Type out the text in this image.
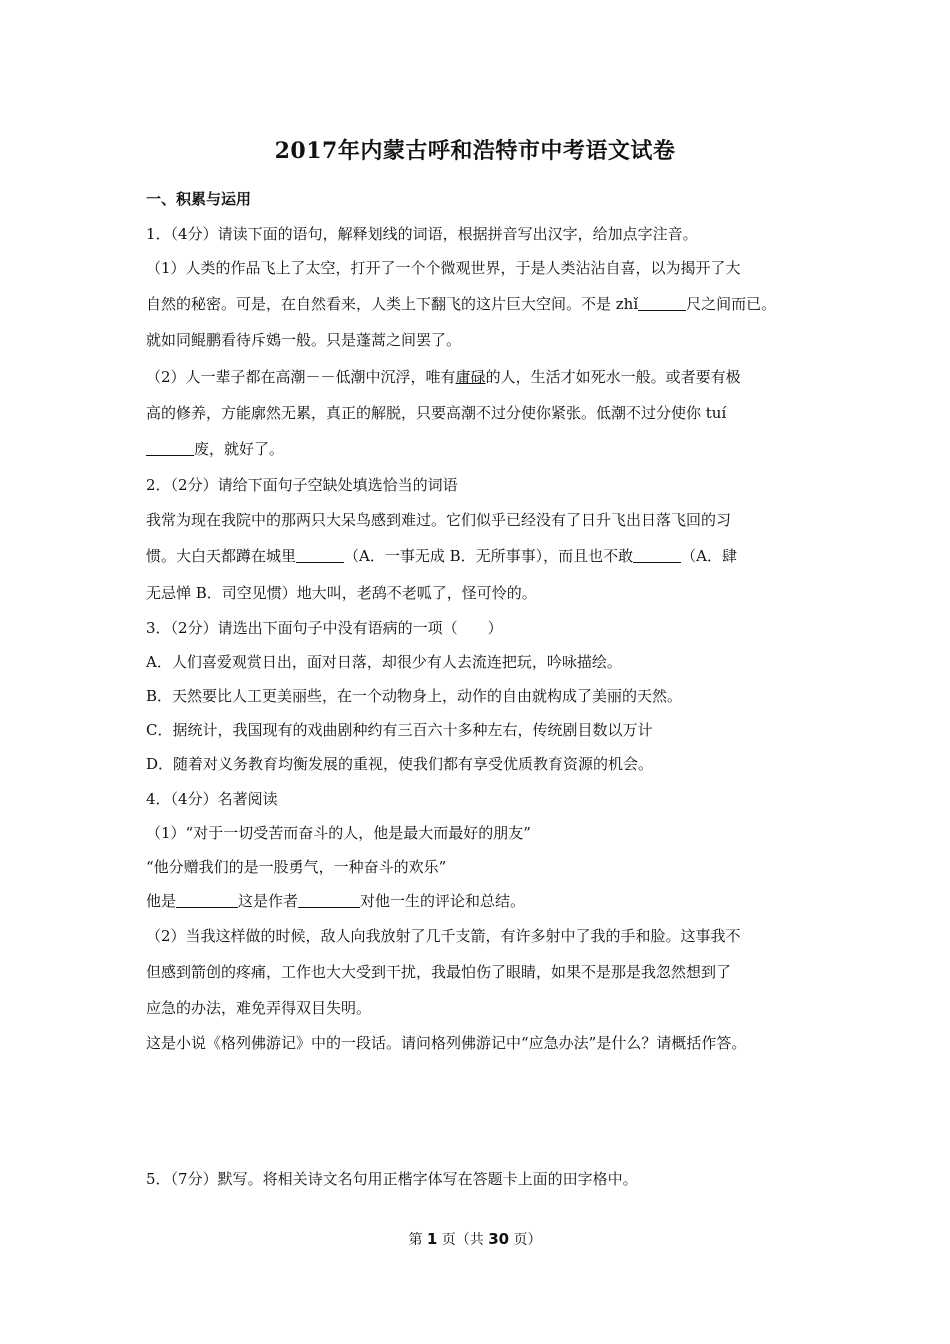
2017年内蒙古呼和浩特市中考语文试卷
一、积累与运用
1．（4分）请读下面的语句，解释划线的词语，根据拼音写出汉字，给加点字注音。
（1）人类的作品飞上了太空，打开了一个个微观世界，于是人类沾沾自喜，以为揭开了大
自然的秘密。可是，在自然看来，人类上下翻飞的这片巨大空间。不是 zhǐ	尺之间而已。
就如同鲲鹏看待斥鴳一般。只是蓬蒿之间罢了。
（2）人一辈子都在高潮－－低潮中沉浮，唯有庸碌的人，生活才如死水一般。或者要有极
高的修养，方能廓然无累，真正的解脱，只要高潮不过分使你紧张。低潮不过分使你 tuí
废，就好了。
2．（2分）请给下面句子空缺处填选恰当的词语
我常为现在我院中的那两只大呆鸟感到难过。它们似乎已经没有了日升飞出日落飞回的习
惯。大白天都蹲在城里	（A．一事无成 B．无所事事），而且也不敢	（A．肆
无忌惮 B．司空见惯）地大叫，老鸹不老呱了，怪可怜的。
3．（2分）请选出下面句子中没有语病的一项（　　）
A．人们喜爱观赏日出，面对日落，却很少有人去流连把玩，吟咏描绘。
B．天然要比人工更美丽些，在一个动物身上，动作的自由就构成了美丽的天然。
C．据统计，我国现有的戏曲剧种约有三百六十多种左右，传统剧目数以万计
D．随着对义务教育均衡发展的重视，使我们都有享受优质教育资源的机会。
4．（4分）名著阅读
（1）“对于一切受苦而奋斗的人，他是最大而最好的朋友”
“他分赠我们的是一股勇气，一种奋斗的欢乐”
他是	这是作者	对他一生的评论和总结。
（2）当我这样做的时候，敌人向我放射了几千支箭，有许多射中了我的手和脸。这事我不
但感到箭创的疼痛，工作也大大受到干扰，我最怕伤了眼睛，如果不是那是我忽然想到了
应急的办法，难免弄得双目失明。
这是小说《格列佛游记》中的一段话。请问格列佛游记中“应急办法”是什么？请概括作答。
5．（7分）默写。将相关诗文名句用正楷字体写在答题卡上面的田字格中。
第 1 页（共 30 页）
